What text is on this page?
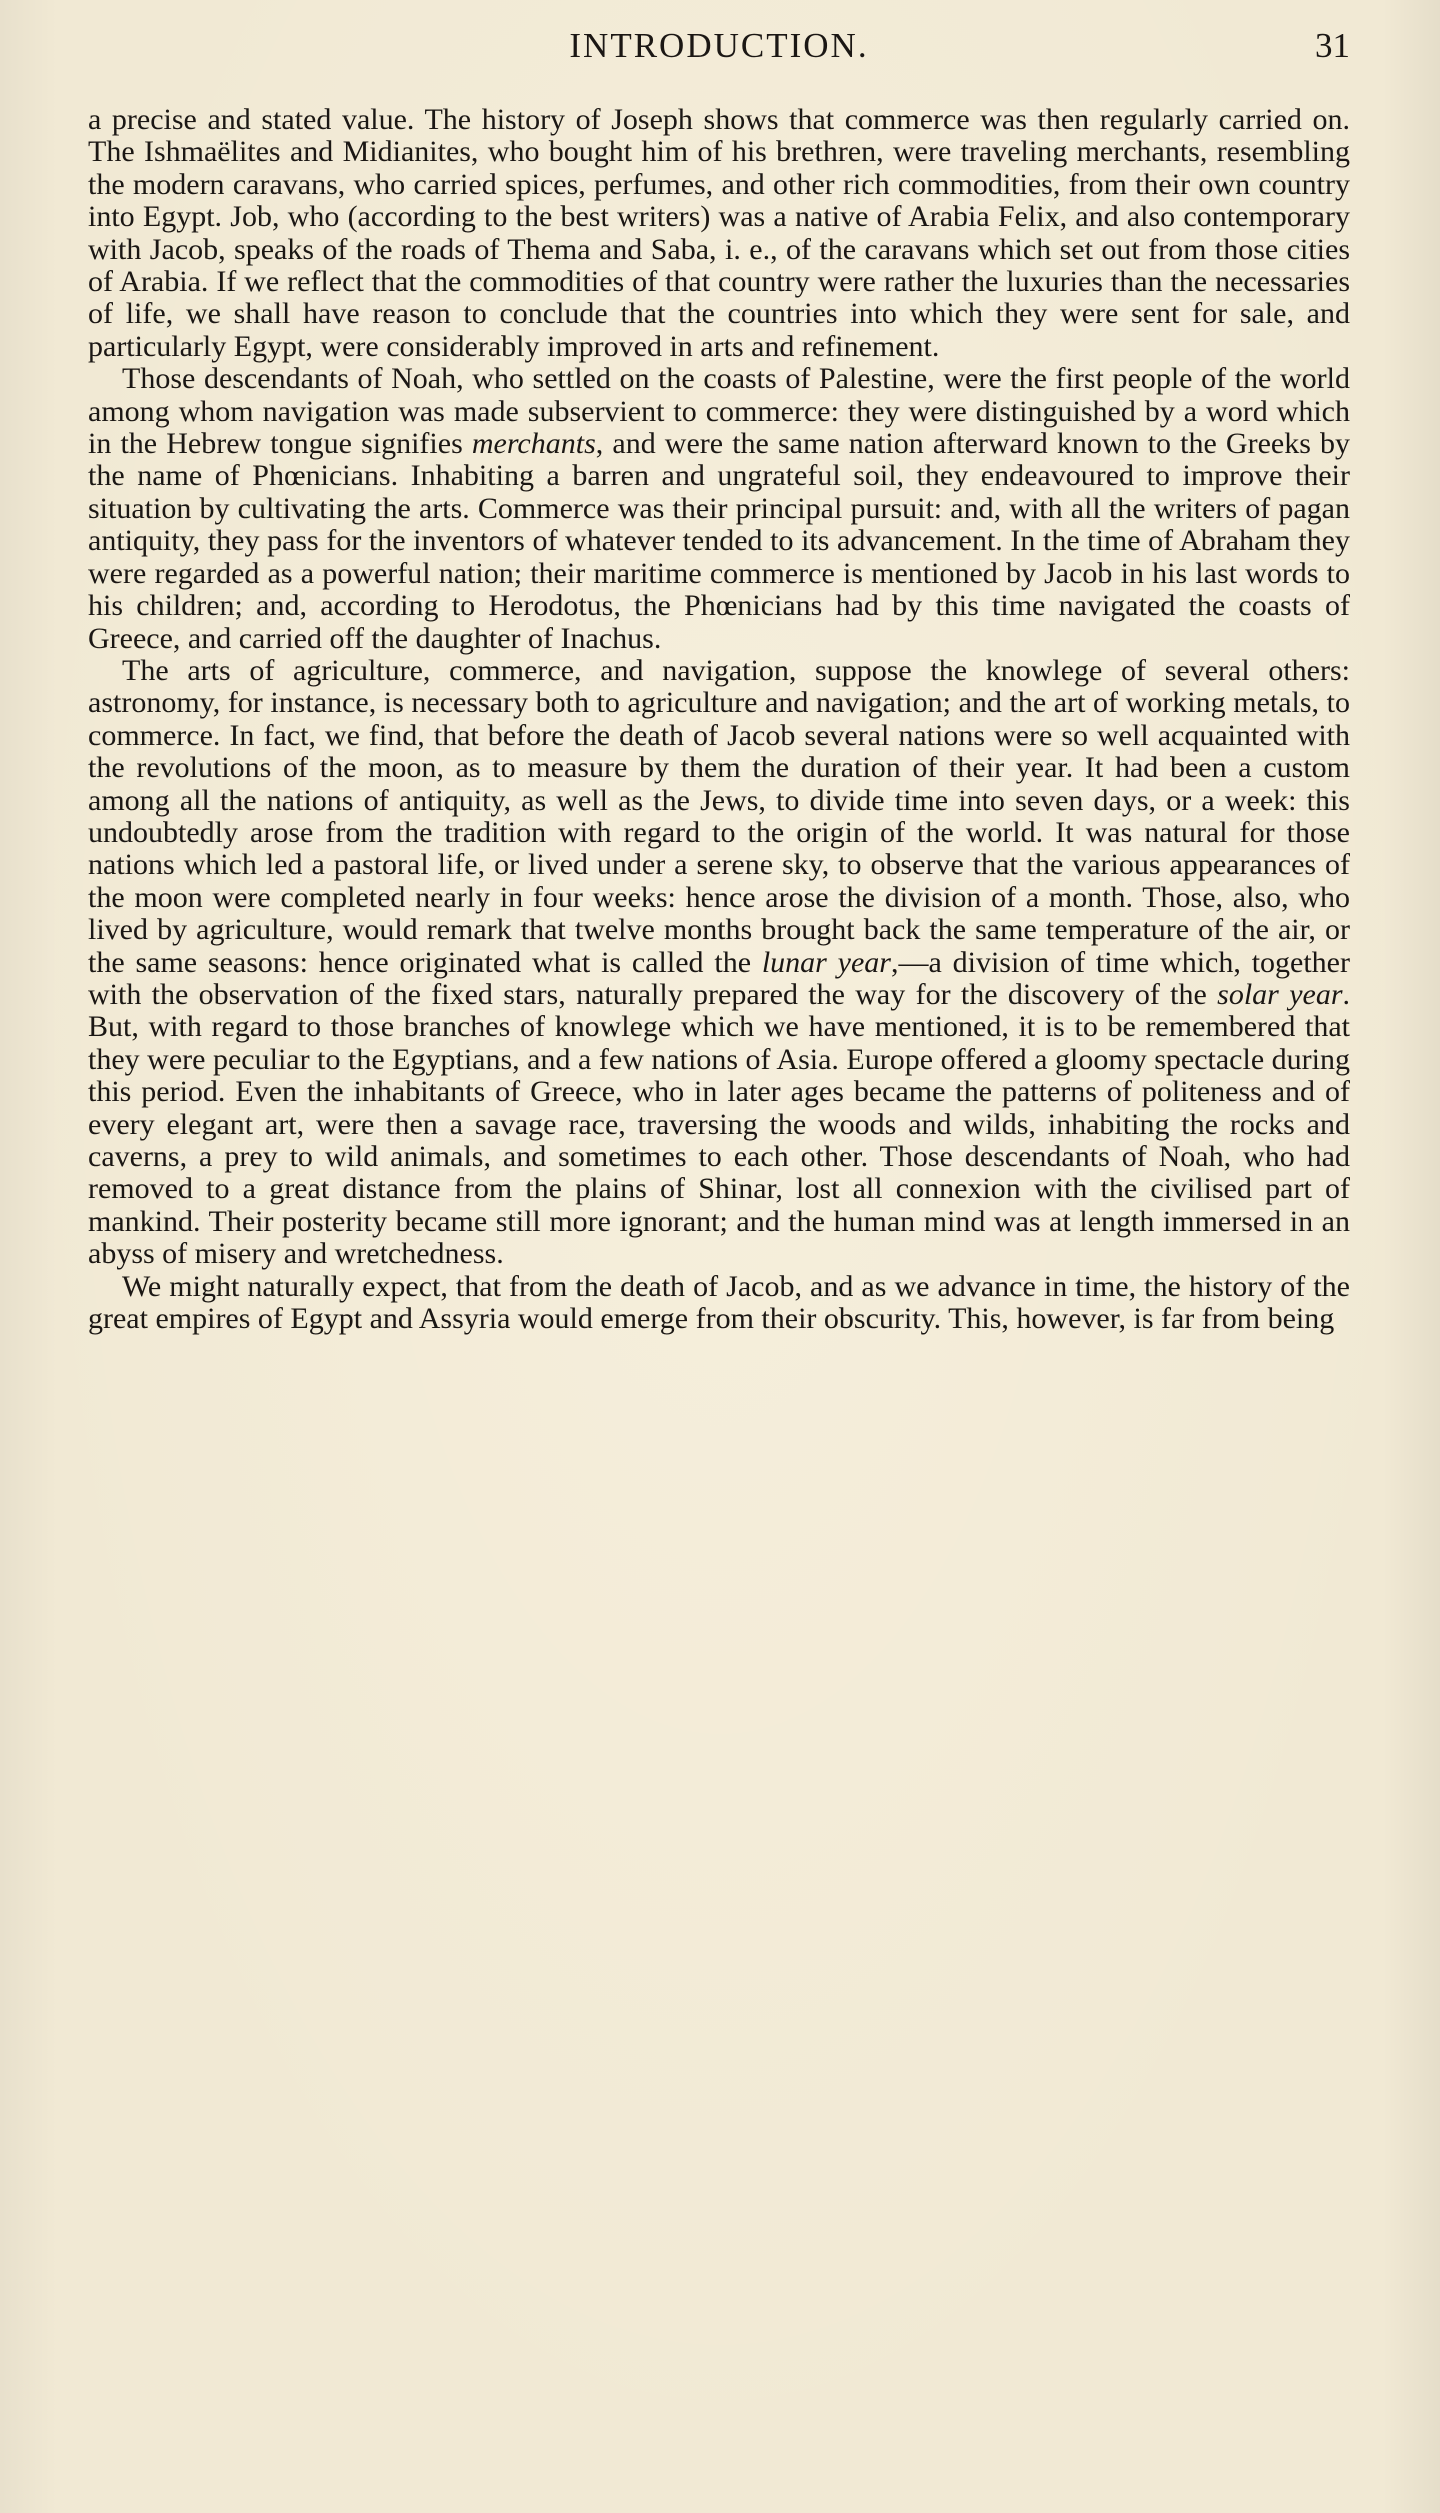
INTRODUCTION.	31

a precise and stated value. The history of Joseph shows that commerce was then regularly carried on. The Ishmaëlites and Midianites, who bought him of his brethren, were traveling merchants, resembling the modern caravans, who carried spices, perfumes, and other rich commodities, from their own country into Egypt. Job, who (according to the best writers) was a native of Arabia Felix, and also contemporary with Jacob, speaks of the roads of Thema and Saba, i. e., of the caravans which set out from those cities of Arabia. If we reflect that the commodities of that country were rather the luxuries than the necessaries of life, we shall have reason to conclude that the countries into which they were sent for sale, and particularly Egypt, were considerably improved in arts and refinement.

Those descendants of Noah, who settled on the coasts of Palestine, were the first people of the world among whom navigation was made subservient to commerce: they were distinguished by a word which in the Hebrew tongue signifies merchants, and were the same nation afterward known to the Greeks by the name of Phœnicians. Inhabiting a barren and ungrateful soil, they endeavoured to improve their situation by cultivating the arts. Commerce was their principal pursuit: and, with all the writers of pagan antiquity, they pass for the inventors of whatever tended to its advancement. In the time of Abraham they were regarded as a powerful nation; their maritime commerce is mentioned by Jacob in his last words to his children; and, according to Herodotus, the Phœnicians had by this time navigated the coasts of Greece, and carried off the daughter of Inachus.

The arts of agriculture, commerce, and navigation, suppose the knowlege of several others: astronomy, for instance, is necessary both to agriculture and navigation; and the art of working metals, to commerce. In fact, we find, that before the death of Jacob several nations were so well acquainted with the revolutions of the moon, as to measure by them the duration of their year. It had been a custom among all the nations of antiquity, as well as the Jews, to divide time into seven days, or a week: this undoubtedly arose from the tradition with regard to the origin of the world. It was natural for those nations which led a pastoral life, or lived under a serene sky, to observe that the various appearances of the moon were completed nearly in four weeks: hence arose the division of a month. Those, also, who lived by agriculture, would remark that twelve months brought back the same temperature of the air, or the same seasons: hence originated what is called the lunar year,—a division of time which, together with the observation of the fixed stars, naturally prepared the way for the discovery of the solar year. But, with regard to those branches of knowlege which we have mentioned, it is to be remembered that they were peculiar to the Egyptians, and a few nations of Asia. Europe offered a gloomy spectacle during this period. Even the inhabitants of Greece, who in later ages became the patterns of politeness and of every elegant art, were then a savage race, traversing the woods and wilds, inhabiting the rocks and caverns, a prey to wild animals, and sometimes to each other. Those descendants of Noah, who had removed to a great distance from the plains of Shinar, lost all connexion with the civilised part of mankind. Their posterity became still more ignorant; and the human mind was at length immersed in an abyss of misery and wretchedness.

We might naturally expect, that from the death of Jacob, and as we advance in time, the history of the great empires of Egypt and Assyria would emerge from their obscurity. This, however, is far from being
